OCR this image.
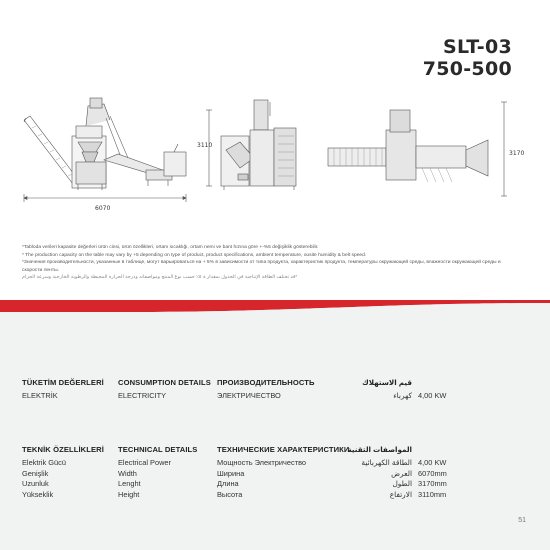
SLT-03
750-500
6070
3110
3170

*Tabloda verileri kapasite değerleri ürün cinsi, ürün özellikleri, ortam sıcaklığı, ortam nemi ve bant hızına göre +-%5 değişiklik gösterebilir.

* The production capacity on the table may vary by +5 depending on type of product, product specifications, ambient temperature, ousite humidity & belt speed.

*Значения производительности, указанные в таблице, могут варьироваться на + 5% в зависимости от типа продукта, характеристик продукта, температуры окружающей среды, влажности окружающей среды и скорости ленты.

*قد تختلف الطاقة الإنتاجية في الجدول بمقدار ± ٥٪ حسب نوع المنتج ومواصفاته ودرجة الحرارة المحيطة والرطوبة الخارجية وسرعة الحزام

TÜKETİM DEĞERLERİ
ELEKTRİK
CONSUMPTION DETAILS
ELECTRICITY
ПРОИЗВОДИТЕЛЬНОСТЬ
ЭЛЕКТРИЧЕСТВО
قيم الاستهلاك
كهرباء 4,00 KW
TEKNİK ÖZELLİKLERİ
Elektrik Gücü
Genişlik
Uzunluk
Yükseklik
TECHNICAL DETAILS
Electrical Power
Width
Lenght
Height
ТЕХНИЧЕСКИЕ ХАРАКТЕРИСТИКИ
Мощность Электричество
Ширина
Длина
Высота
المواصفات التقنية
الطاقة الكهربائية
العرض
الطول
الارتفاع
4,00 KW
6070mm
3170mm
3110mm
51
